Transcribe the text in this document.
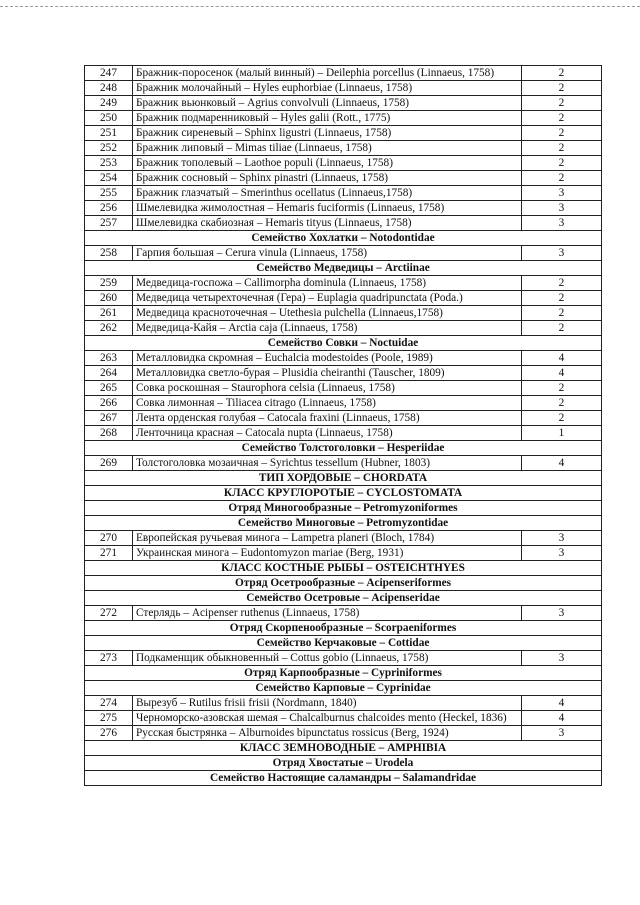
247	Бражник-поросенок (малый винный) – Deilephia porcellus (Linnaeus, 1758)	2
248	Бражник молочайный – Hyles euphorbiae (Linnaeus, 1758)	2
249	Бражник вьюнковый – Agrius convolvuli (Linnaeus, 1758)	2
250	Бражник подмаренниковый – Hyles galii (Rott., 1775)	2
251	Бражник сиреневый – Sphinx ligustri (Linnaeus, 1758)	2
252	Бражник липовый – Mimas tiliae (Linnaeus, 1758)	2
253	Бражник тополевый – Laothoe populi (Linnaeus, 1758)	2
254	Бражник сосновый – Sphinx pinastri (Linnaeus, 1758)	2
255	Бражник глазчатый – Smerinthus ocellatus (Linnaeus,1758)	3
256	Шмелевидка жимолостная – Hemaris fuciformis (Linnaeus, 1758)	3
257	Шмелевидка скабиозная – Hemaris tityus (Linnaeus, 1758)	3
Семейство Хохлатки – Notodontidae		
258	Гарпия большая – Cerura vinula (Linnaeus, 1758)	3
Семейство Медведицы – Arctiinae		
259	Медведица-госпожа – Callimorpha dominula (Linnaeus, 1758)	2
260	Медведица четырехточечная (Гера) – Euplagia quadripunctata (Poda.)	2
261	Медведица красноточечная – Utethesia pulchella (Linnaeus,1758)	2
262	Медведица-Кайя – Arctia caja (Linnaeus, 1758)	2
Семейство Совки – Noctuidae		
263	Металловидка скромная – Euchalcia modestoides (Poole, 1989)	4
264	Металловидка светло-бурая – Plusidia cheiranthi (Tauscher, 1809)	4
265	Совка роскошная – Staurophora celsia (Linnaeus, 1758)	2
266	Совка лимонная – Tiliacea citrago (Linnaeus, 1758)	2
267	Лента орденская голубая – Catocala fraxini (Linnaeus, 1758)	2
268	Ленточница красная – Catocala nupta (Linnaeus, 1758)	1
Семейство Толстоголовки – Hesperiidae		
269	Толстоголовка мозаичная – Syrichtus tessellum (Hubner, 1803)	4
ТИП ХОРДОВЫЕ – CHORDATA		
КЛАСС КРУГЛОРОТЫЕ – CYCLOSTOMATA		
Отряд Миногообразные – Petromyzoniformes		
Семейство Миноговые – Petromyzontidae		
270	Европейская ручьевая минога – Lampetra planeri (Bloch, 1784)	3
271	Украинская минога – Eudontomyzon mariae (Berg, 1931)	3
КЛАСС КОСТНЫЕ РЫБЫ – OSTEICHTHYES		
Отряд Осетрообразные – Acipenseriformes		
Семейство Осетровые – Acipenseridae		
272	Стерлядь – Acipenser ruthenus (Linnaeus, 1758)	3
Отряд Скорпенообразные – Scorpaeniformes		
Семейство Керчаковые – Cottidae		
273	Подкаменщик обыкновенный – Cottus gobio (Linnaeus, 1758)	3
Отряд Карпообразные – Cypriniformes		
Семейство Карповые – Cyprinidae		
274	Вырезуб – Rutilus frisii frisii (Nordmann, 1840)	4
275	Черноморско-азовская шемая – Chalcalburnus chalcoides mento (Heckel, 1836)	4
276	Русская быстрянка – Alburnoides bipunctatus rossicus (Berg, 1924)	3
КЛАСС ЗЕМНОВОДНЫЕ – AMPHIBIA		
Отряд Хвостатые – Urodela		
Семейство Настоящие саламандры – Salamandridae		
